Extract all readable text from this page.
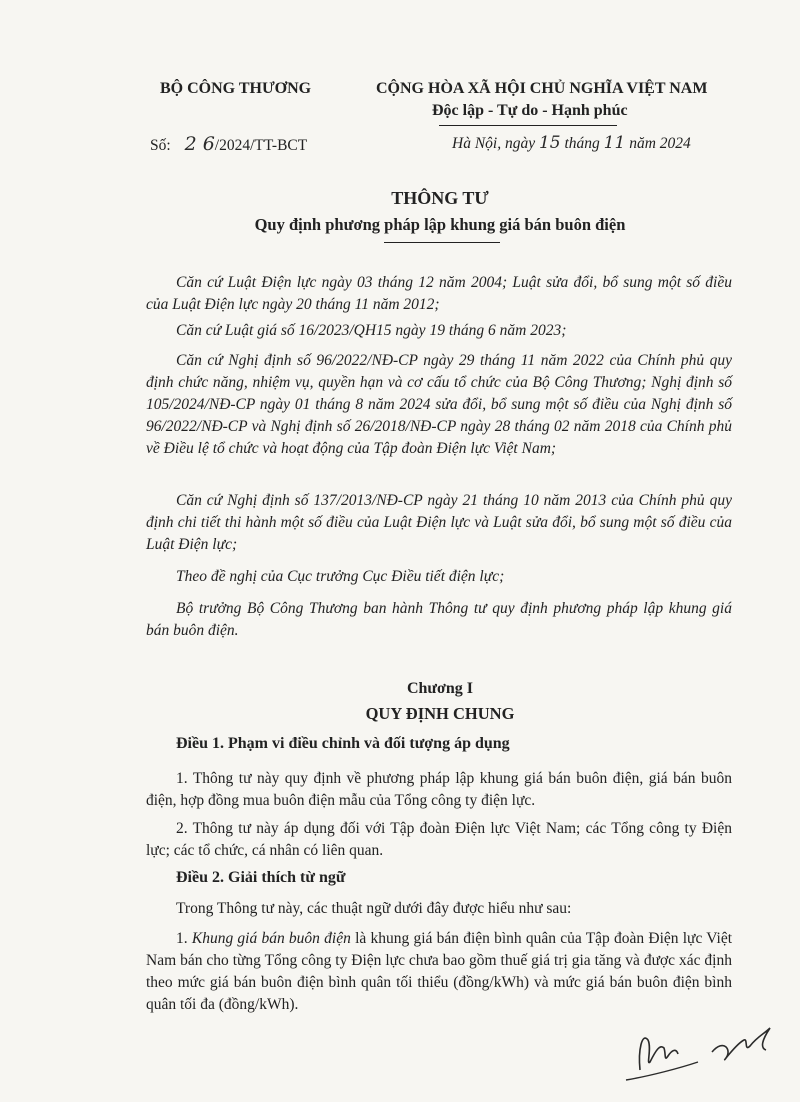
BỘ CÔNG THƯƠNG	CỘNG HÒA XÃ HỘI CHỦ NGHĨA VIỆT NAM
Độc lập - Tự do - Hạnh phúc
Số: 2 6/2024/TT-BCT	Hà Nội, ngày 15 tháng 11 năm 2024
THÔNG TƯ
Quy định phương pháp lập khung giá bán buôn điện
Căn cứ Luật Điện lực ngày 03 tháng 12 năm 2004; Luật sửa đổi, bổ sung một số điều của Luật Điện lực ngày 20 tháng 11 năm 2012;
Căn cứ Luật giá số 16/2023/QH15 ngày 19 tháng 6 năm 2023;
Căn cứ Nghị định số 96/2022/NĐ-CP ngày 29 tháng 11 năm 2022 của Chính phủ quy định chức năng, nhiệm vụ, quyền hạn và cơ cấu tổ chức của Bộ Công Thương; Nghị định số 105/2024/NĐ-CP ngày 01 tháng 8 năm 2024 sửa đổi, bổ sung một số điều của Nghị định số 96/2022/NĐ-CP và Nghị định số 26/2018/NĐ-CP ngày 28 tháng 02 năm 2018 của Chính phủ về Điều lệ tổ chức và hoạt động của Tập đoàn Điện lực Việt Nam;
Căn cứ Nghị định số 137/2013/NĐ-CP ngày 21 tháng 10 năm 2013 của Chính phủ quy định chi tiết thi hành một số điều của Luật Điện lực và Luật sửa đổi, bổ sung một số điều của Luật Điện lực;
Theo đề nghị của Cục trưởng Cục Điều tiết điện lực;
Bộ trưởng Bộ Công Thương ban hành Thông tư quy định phương pháp lập khung giá bán buôn điện.
Chương I
QUY ĐỊNH CHUNG
Điều 1. Phạm vi điều chỉnh và đối tượng áp dụng
1. Thông tư này quy định về phương pháp lập khung giá bán buôn điện, giá bán buôn điện, hợp đồng mua buôn điện mẫu của Tổng công ty điện lực.
2. Thông tư này áp dụng đối với Tập đoàn Điện lực Việt Nam; các Tổng công ty Điện lực; các tổ chức, cá nhân có liên quan.
Điều 2. Giải thích từ ngữ
Trong Thông tư này, các thuật ngữ dưới đây được hiểu như sau:
1. Khung giá bán buôn điện là khung giá bán điện bình quân của Tập đoàn Điện lực Việt Nam bán cho từng Tổng công ty Điện lực chưa bao gồm thuế giá trị gia tăng và được xác định theo mức giá bán buôn điện bình quân tối thiểu (đồng/kWh) và mức giá bán buôn điện bình quân tối đa (đồng/kWh).
